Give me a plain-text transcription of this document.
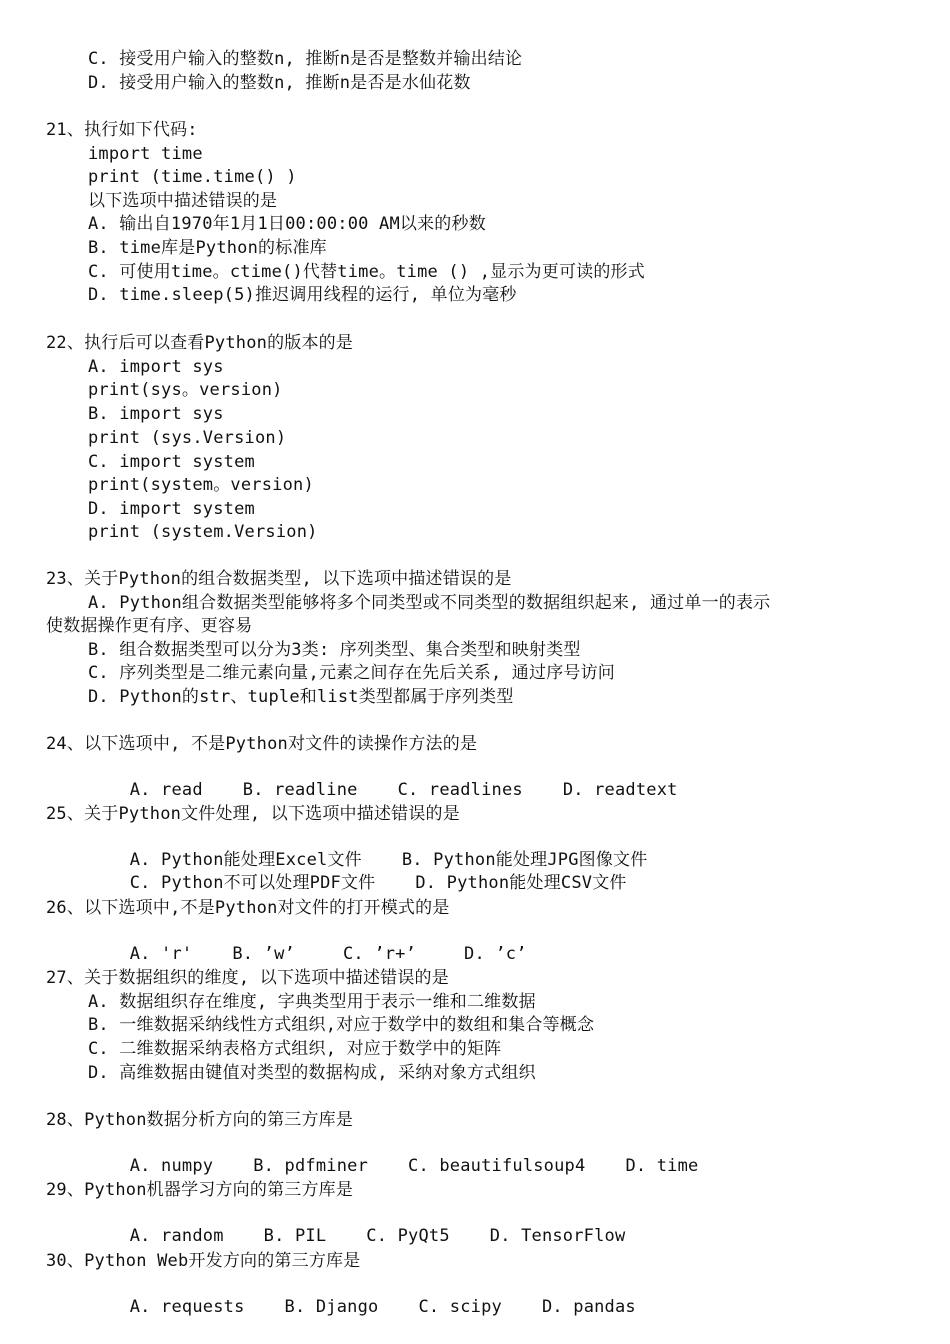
C. 接受用户输入的整数n, 推断n是否是整数并输出结论
D. 接受用户输入的整数n, 推断n是否是水仙花数
21、执行如下代码:
import time
print (time.time() )
以下选项中描述错误的是
A. 输出自1970年1月1日00:00:00 AM以来的秒数
B. time库是Python的标准库
C. 可使用time。ctime()代替time。time () ,显示为更可读的形式
D. time.sleep(5)推迟调用线程的运行, 单位为毫秒
22、执行后可以查看Python的版本的是
A. import sys
print(sys。version)
B. import sys
print (sys.Version)
C. import system
print(system。version)
D. import system
print (system.Version)
23、关于Python的组合数据类型, 以下选项中描述错误的是
A. Python组合数据类型能够将多个同类型或不同类型的数据组织起来, 通过单一的表示
使数据操作更有序、更容易
B. 组合数据类型可以分为3类: 序列类型、集合类型和映射类型
C. 序列类型是二维元素向量,元素之间存在先后关系, 通过序号访问
D. Python的str、tuple和list类型都属于序列类型
24、以下选项中, 不是Python对文件的读操作方法的是

A. read B. readline C. readlines D. readtext

25、关于Python文件处理, 以下选项中描述错误的是

A. Python能处理Excel文件 B. Python能处理JPG图像文件

C. Python不可以处理PDF文件 D. Python能处理CSV文件

26、以下选项中,不是Python对文件的打开模式的是

A. 'r' B. ’w’	C. ’r+’	D. ’c’

27、关于数据组织的维度, 以下选项中描述错误的是
A. 数据组织存在维度, 字典类型用于表示一维和二维数据
B. 一维数据采纳线性方式组织,对应于数学中的数组和集合等概念
C. 二维数据采纳表格方式组织, 对应于数学中的矩阵
D. 高维数据由键值对类型的数据构成, 采纳对象方式组织
28、Python数据分析方向的第三方库是

A. numpy B. pdfminer C. beautifulsoup4 D. time

29、Python机器学习方向的第三方库是

A. random B. PIL C. PyQt5 D. TensorFlow

30、Python Web开发方向的第三方库是

A. requests B. Django C. scipy D. pandas
